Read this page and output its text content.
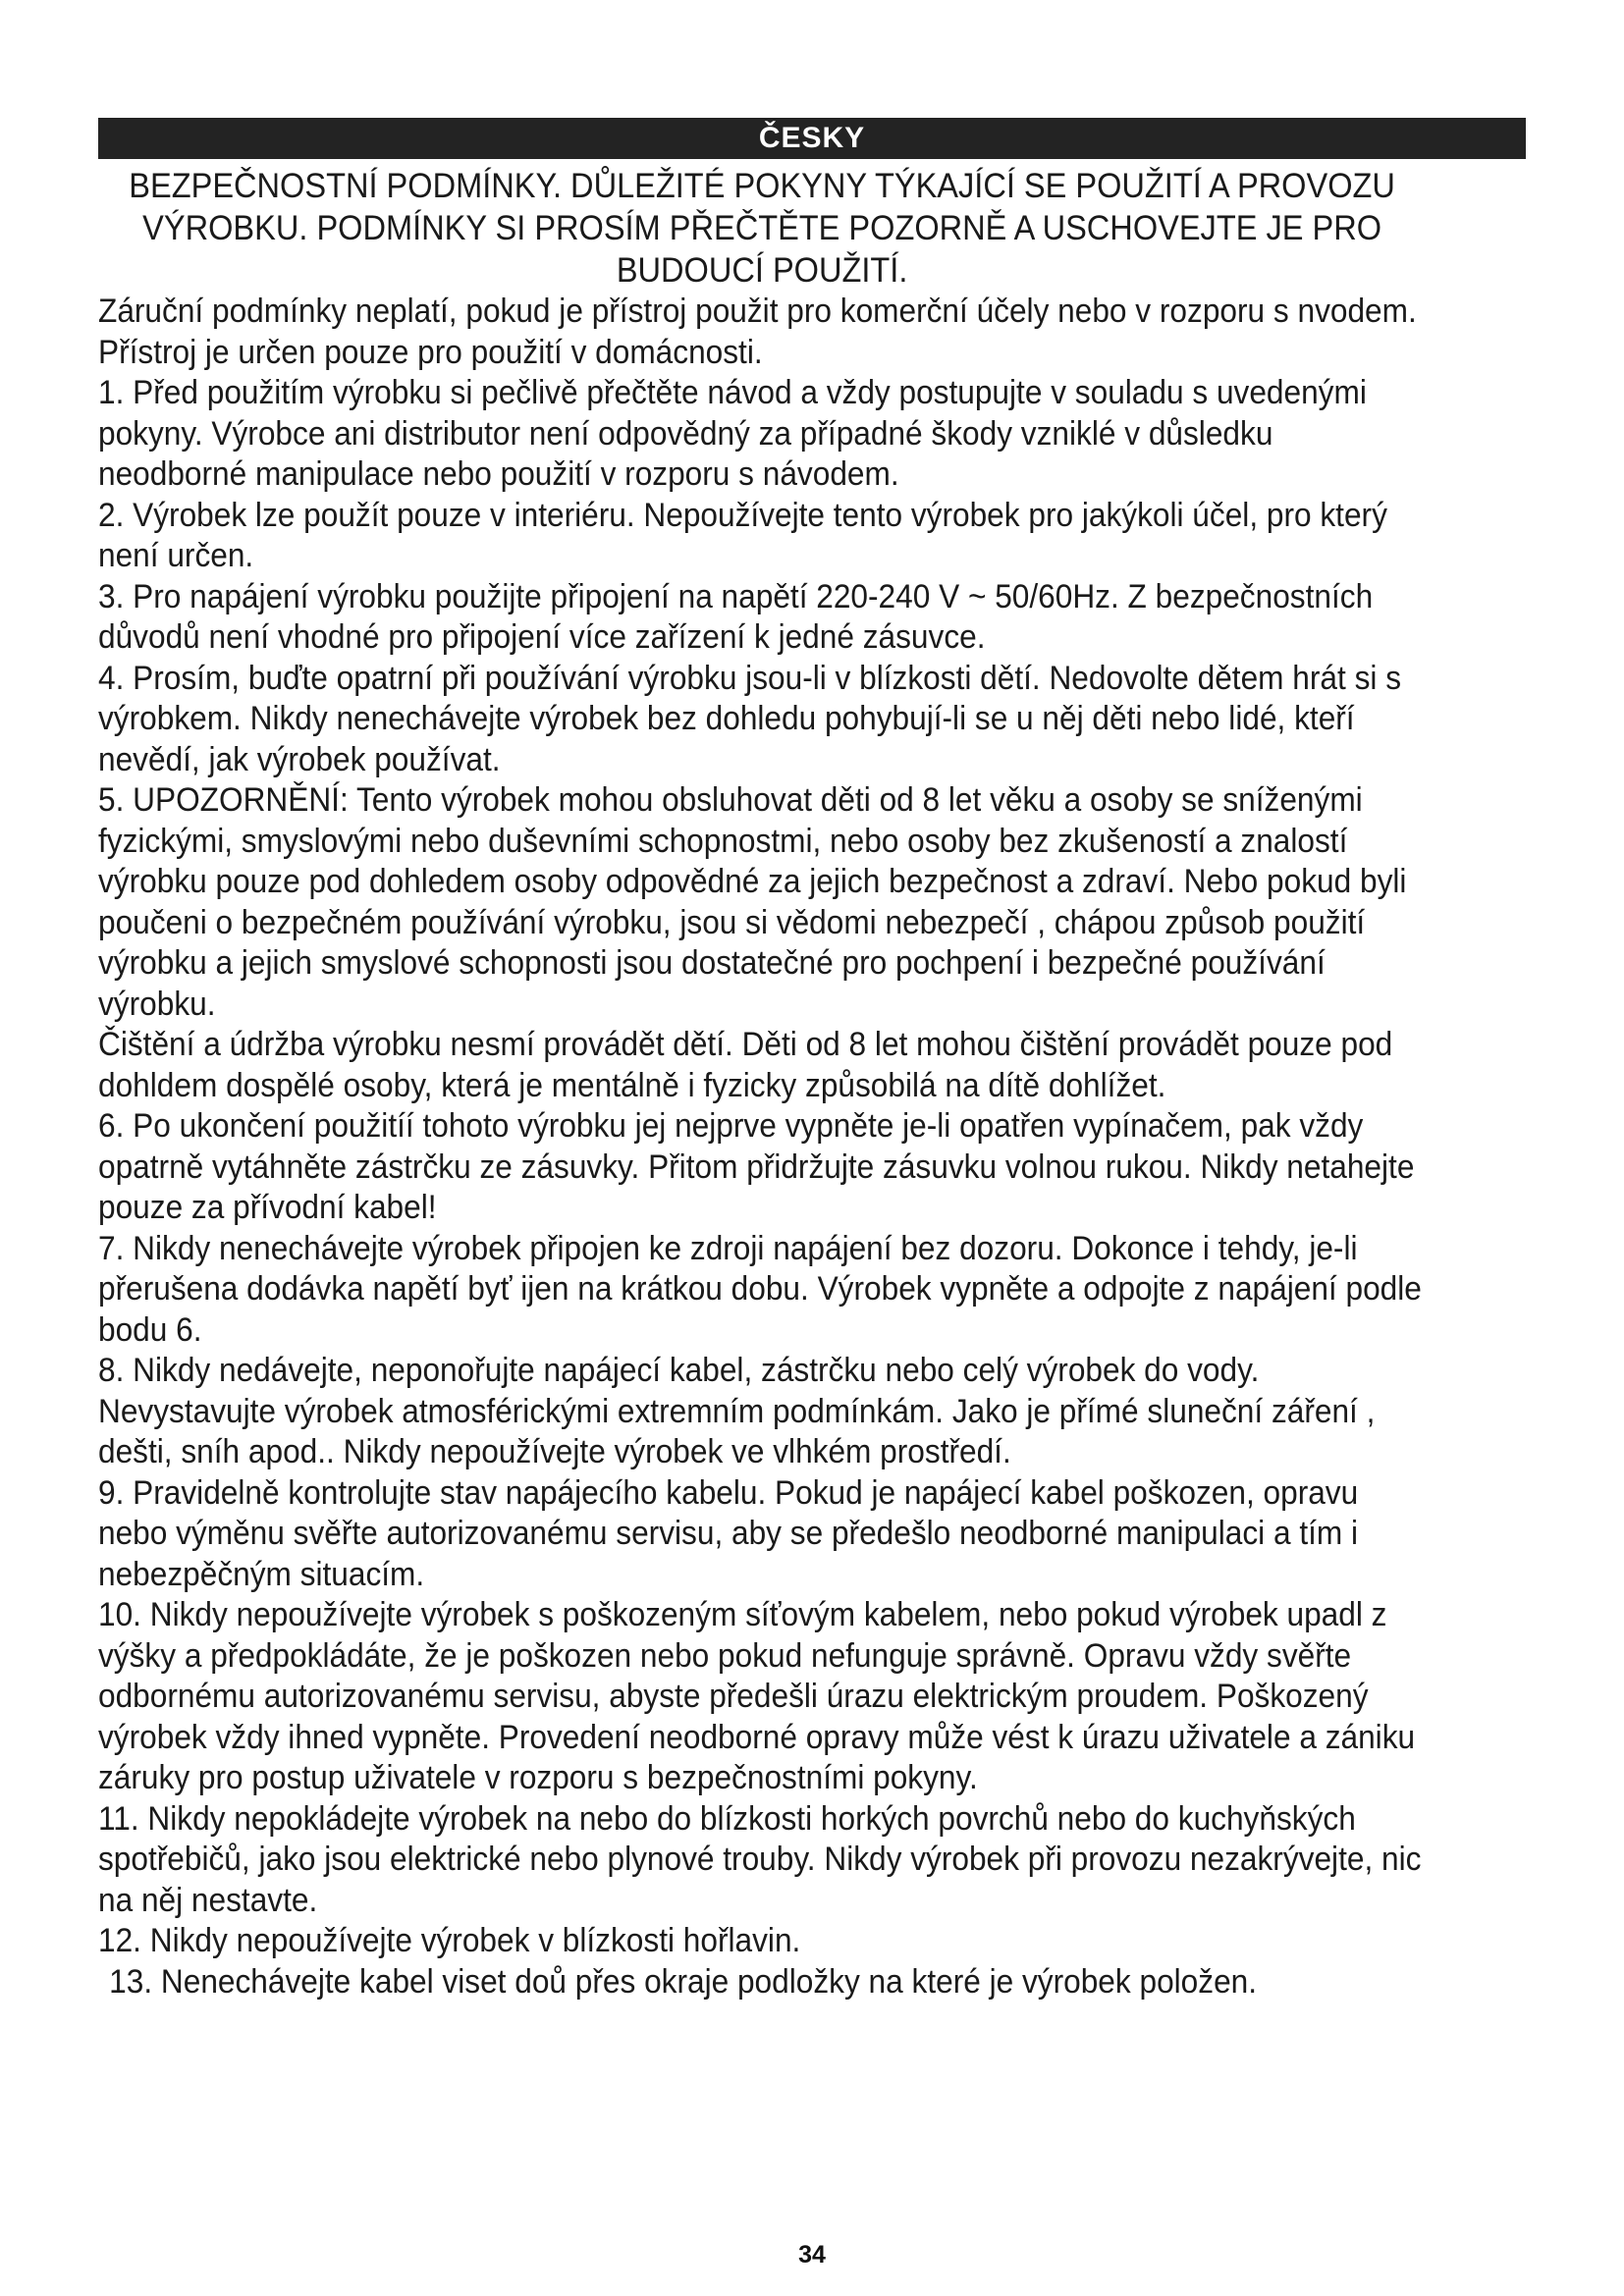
ČESKY

BEZPEČNOSTNÍ PODMÍNKY. DŮLEŽITÉ POKYNY TÝKAJÍCÍ SE POUŽITÍ A PROVOZU VÝROBKU. PODMÍNKY SI PROSÍM PŘEČTĚTE POZORNĚ A USCHOVEJTE JE PRO BUDOUCÍ POUŽITÍ.

Záruční podmínky neplatí, pokud je přístroj použit pro komerční účely nebo v rozporu s nvodem. Přístroj je určen pouze pro použití v domácnosti.

1. Před použitím výrobku si pečlivě přečtěte návod a vždy postupujte v souladu s uvedenými pokyny. Výrobce ani distributor není odpovědný za případné škody vzniklé v důsledku neodborné manipulace nebo použití v rozporu s návodem.

2. Výrobek lze použít pouze v interiéru. Nepoužívejte tento výrobek pro jakýkoli účel, pro který není určen.

3. Pro napájení výrobku použijte připojení na napětí 220-240 V ~ 50/60Hz. Z bezpečnostních důvodů není vhodné pro připojení více zařízení k jedné zásuvce.

4. Prosím, buďte opatrní při používání výrobku jsou-li v blízkosti dětí. Nedovolte dětem hrát si s výrobkem. Nikdy nenechávejte výrobek bez dohledu pohybují-li se u něj děti nebo lidé, kteří nevědí, jak výrobek používat.

5. UPOZORNĚNÍ: Tento výrobek mohou obsluhovat děti od 8 let věku a osoby se sníženými fyzickými, smyslovými nebo duševními schopnostmi, nebo osoby bez zkušeností a znalostí výrobku pouze pod dohledem osoby odpovědné za jejich bezpečnost a zdraví. Nebo pokud byli poučeni o bezpečném používání výrobku, jsou si vědomi nebezpečí , chápou způsob použití výrobku a jejich smyslové schopnosti jsou dostatečné pro pochpení i bezpečné používání výrobku.

Čištění a údržba výrobku nesmí provádět dětí. Děti od 8 let mohou čištění provádět pouze pod dohldem dospělé osoby, která je mentálně i fyzicky způsobilá na dítě dohlížet.

6. Po ukončení použitíí tohoto výrobku jej nejprve vypněte je-li opatřen vypínačem, pak vždy opatrně vytáhněte zástrčku ze zásuvky. Přitom přidržujte zásuvku volnou rukou. Nikdy netahejte pouze za přívodní kabel!

7. Nikdy nenechávejte výrobek připojen ke zdroji napájení bez dozoru. Dokonce i tehdy, je-li přerušena dodávka napětí byť ijen na krátkou dobu. Výrobek vypněte a odpojte z napájení podle bodu 6.

8. Nikdy nedávejte, neponořujte napájecí kabel, zástrčku nebo celý výrobek do vody. Nevystavujte výrobek atmosférickými extremním podmínkám. Jako je přímé sluneční záření , dešti, sníh apod.. Nikdy nepoužívejte výrobek ve vlhkém prostředí.

9. Pravidelně kontrolujte stav napájecího kabelu. Pokud je napájecí kabel poškozen, opravu nebo výměnu svěřte autorizovanému servisu, aby se předešlo neodborné manipulaci a tím i nebezpěčným situacím.

10. Nikdy nepoužívejte výrobek s poškozeným síťovým kabelem, nebo pokud výrobek upadl z výšky a předpokládáte, že je poškozen nebo pokud nefunguje správně. Opravu vždy svěřte odbornému autorizovanému servisu, abyste předešli úrazu elektrickým proudem. Poškozený výrobek vždy ihned vypněte. Provedení neodborné opravy může vést k úrazu uživatele a zániku záruky pro postup uživatele v rozporu s bezpečnostními pokyny.

11. Nikdy nepokládejte výrobek na nebo do blízkosti horkých povrchů nebo do kuchyňských spotřebičů, jako jsou elektrické nebo plynové trouby. Nikdy výrobek při provozu nezakrývejte, nic na něj nestavte.

12. Nikdy nepoužívejte výrobek v blízkosti hořlavin.

13. Nenechávejte kabel viset doů přes okraje podložky na které je výrobek položen.

34
